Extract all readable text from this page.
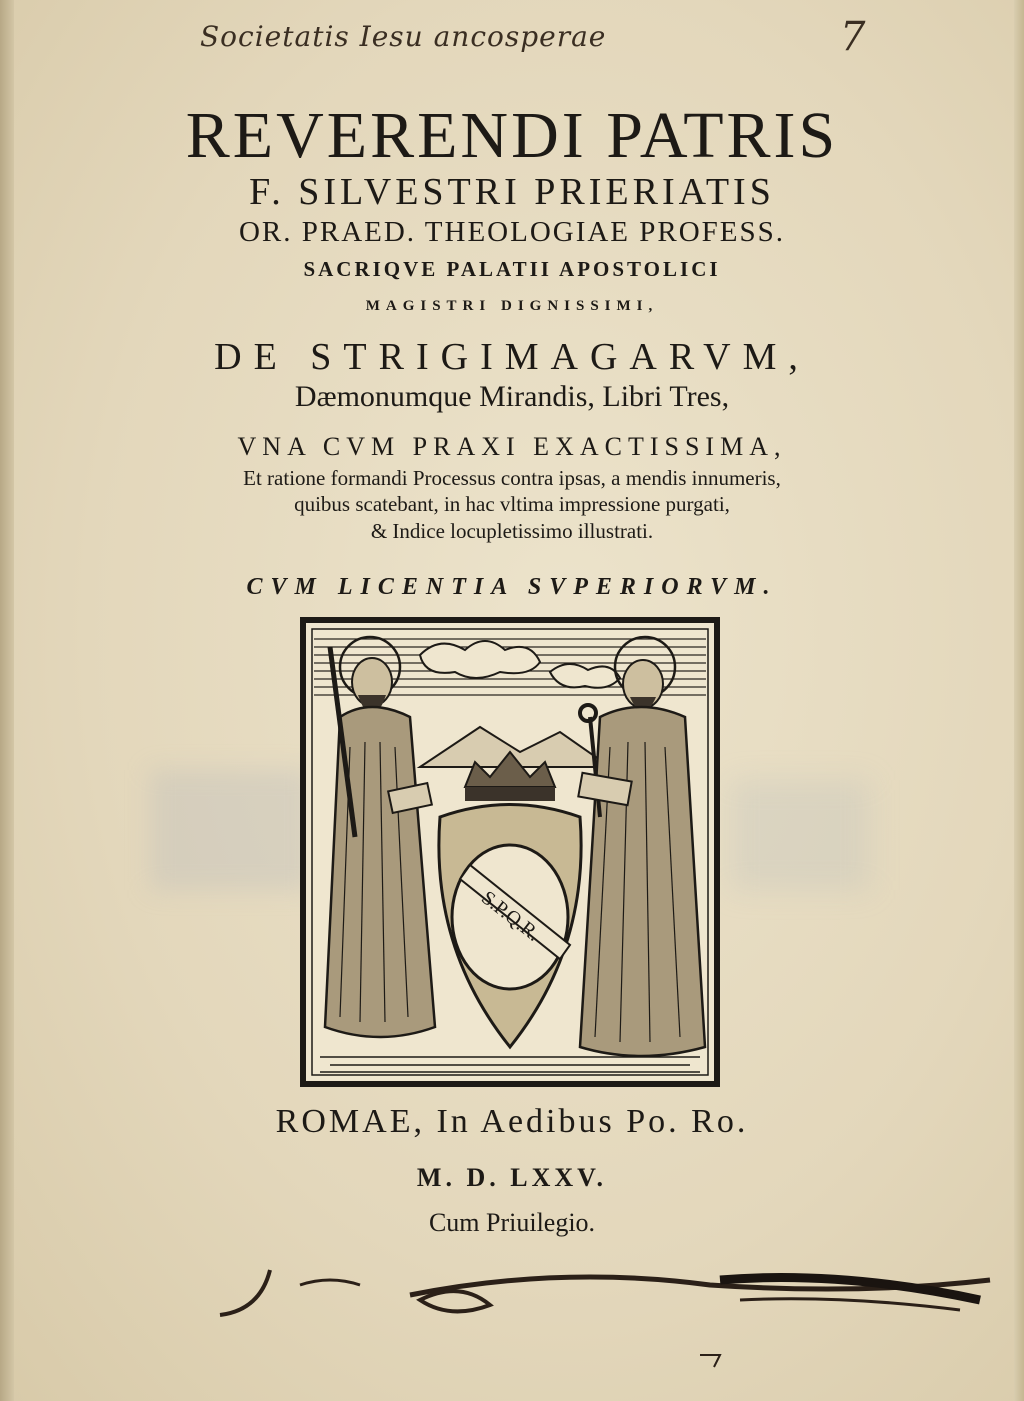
Societatis Iesu ancosperae	7
REVERENDI PATRIS
F. SILVESTRI PRIERIATIS
OR. PRAED. THEOLOGIAE PROFESS.
SACRIQVE PALATII APOSTOLICI
MAGISTRI DIGNISSIMI,
DE STRIGIMAGARVM,
Dæmonumque Mirandis, Libri Tres,
VNA CVM PRAXI EXACTISSIMA,
Et ratione formandi Processus contra ipsas, a mendis innumeris,
quibus scatebant, in hac vltima impressione purgati,
& Indice locupletissimo illustrati.
CVM LICENTIA SVPERIORVM.
S.P.Q.R.
ROMAE, In Aedibus Po. Ro.
M. D. LXXV.
Cum Priuilegio.
